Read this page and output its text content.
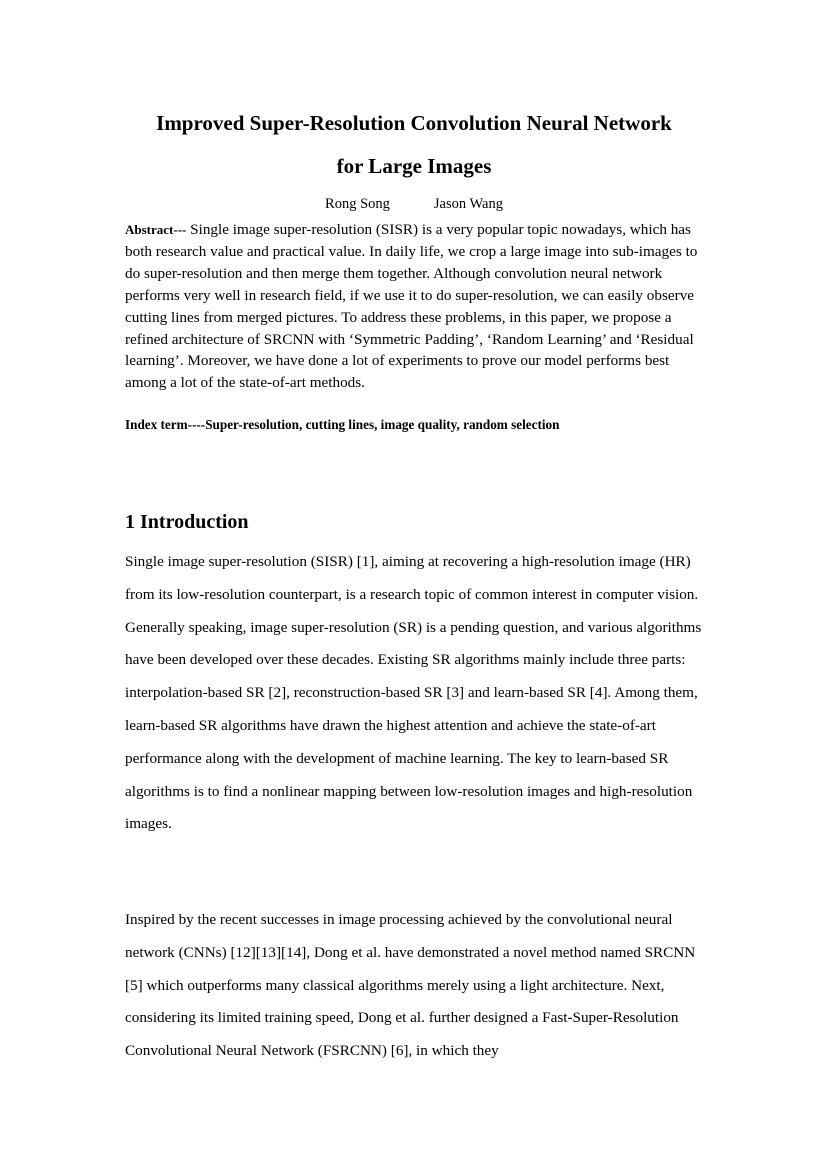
Improved Super-Resolution Convolution Neural Network
for Large Images
Rong Song	Jason Wang

Abstract--- Single image super-resolution (SISR) is a very popular topic nowadays, which has both research value and practical value. In daily life, we crop a large image into sub-images to do super-resolution and then merge them together. Although convolution neural network performs very well in research field, if we use it to do super-resolution, we can easily observe cutting lines from merged pictures. To address these problems, in this paper, we propose a refined architecture of SRCNN with ‘Symmetric Padding’, ‘Random Learning’ and ‘Residual learning’. Moreover, we have done a lot of experiments to prove our model performs best among a lot of the state-of-art methods.

Index term----Super-resolution, cutting lines, image quality, random selection

1 Introduction

Single image super-resolution (SISR) [1], aiming at recovering a high-resolution image (HR) from its low-resolution counterpart, is a research topic of common interest in computer vision. Generally speaking, image super-resolution (SR) is a pending question, and various algorithms have been developed over these decades. Existing SR algorithms mainly include three parts: interpolation-based SR [2], reconstruction-based SR [3] and learn-based SR [4]. Among them, learn-based SR algorithms have drawn the highest attention and achieve the state-of-art performance along with the development of machine learning. The key to learn-based SR algorithms is to find a nonlinear mapping between low-resolution images and high-resolution images.

Inspired by the recent successes in image processing achieved by the convolutional neural network (CNNs) [12][13][14], Dong et al. have demonstrated a novel method named SRCNN [5] which outperforms many classical algorithms merely using a light architecture. Next, considering its limited training speed, Dong et al. further designed a Fast-Super-Resolution Convolutional Neural Network (FSRCNN) [6], in which they
